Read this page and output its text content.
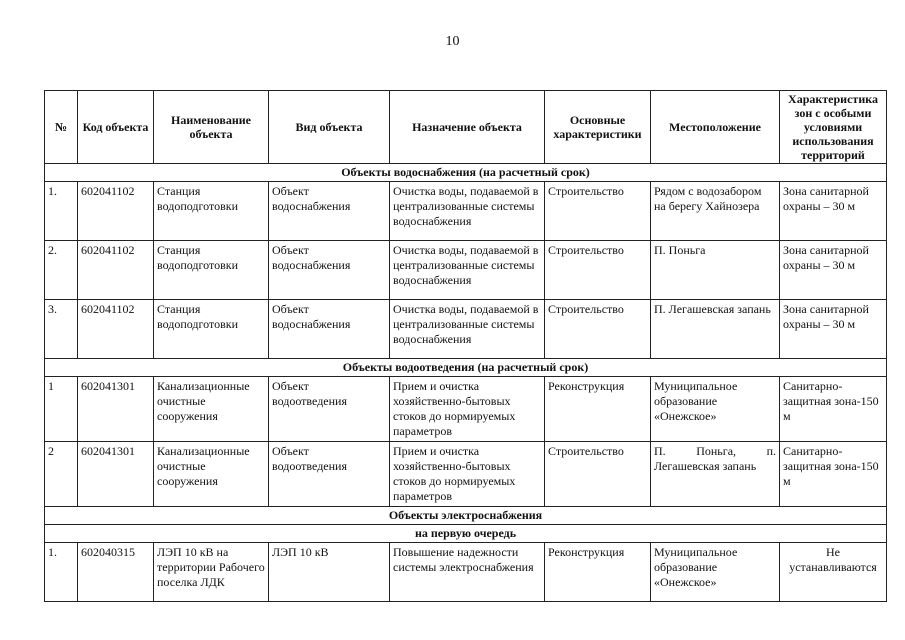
10
№	Код объекта	Наименование объекта	Вид объекта	Назначение объекта	Основные характеристики	Местоположение	Характеристика зон с особыми условиями использования территорий
Объекты водоснабжения (на расчетный срок)							
1.	602041102	Станция водоподготовки	Объект водоснабжения	Очистка воды, подаваемой в централизованные системы водоснабжения	Строительство	Рядом с водозабором на берегу Хайнозера	Зона санитарной охраны – 30 м
2.	602041102	Станция водоподготовки	Объект водоснабжения	Очистка воды, подаваемой в централизованные системы водоснабжения	Строительство	П. Поньга	Зона санитарной охраны – 30 м
3.	602041102	Станция водоподготовки	Объект водоснабжения	Очистка воды, подаваемой в централизованные системы водоснабжения	Строительство	П. Легашевская запань	Зона санитарной охраны – 30 м
Объекты водоотведения (на расчетный срок)							
1	602041301	Канализационные очистные сооружения	Объект водоотведения	Прием и очистка хозяйственно-бытовых стоков до нормируемых параметров	Реконструкция	Муниципальное образование «Онежское»	Санитарно-защитная зона-150 м
2	602041301	Канализационные очистные сооружения	Объект водоотведения	Прием и очистка хозяйственно-бытовых стоков до нормируемых параметров	Строительство	П. Поньга, п. Легашевская запань	Санитарно-защитная зона-150 м
Объекты электроснабжения							
на первую очередь							
1.	602040315	ЛЭП 10 кВ на территории Рабочего поселка ЛДК	ЛЭП 10 кВ	Повышение надежности системы электроснабжения	Реконструкция	Муниципальное образование «Онежское»	Не устанавливаются
